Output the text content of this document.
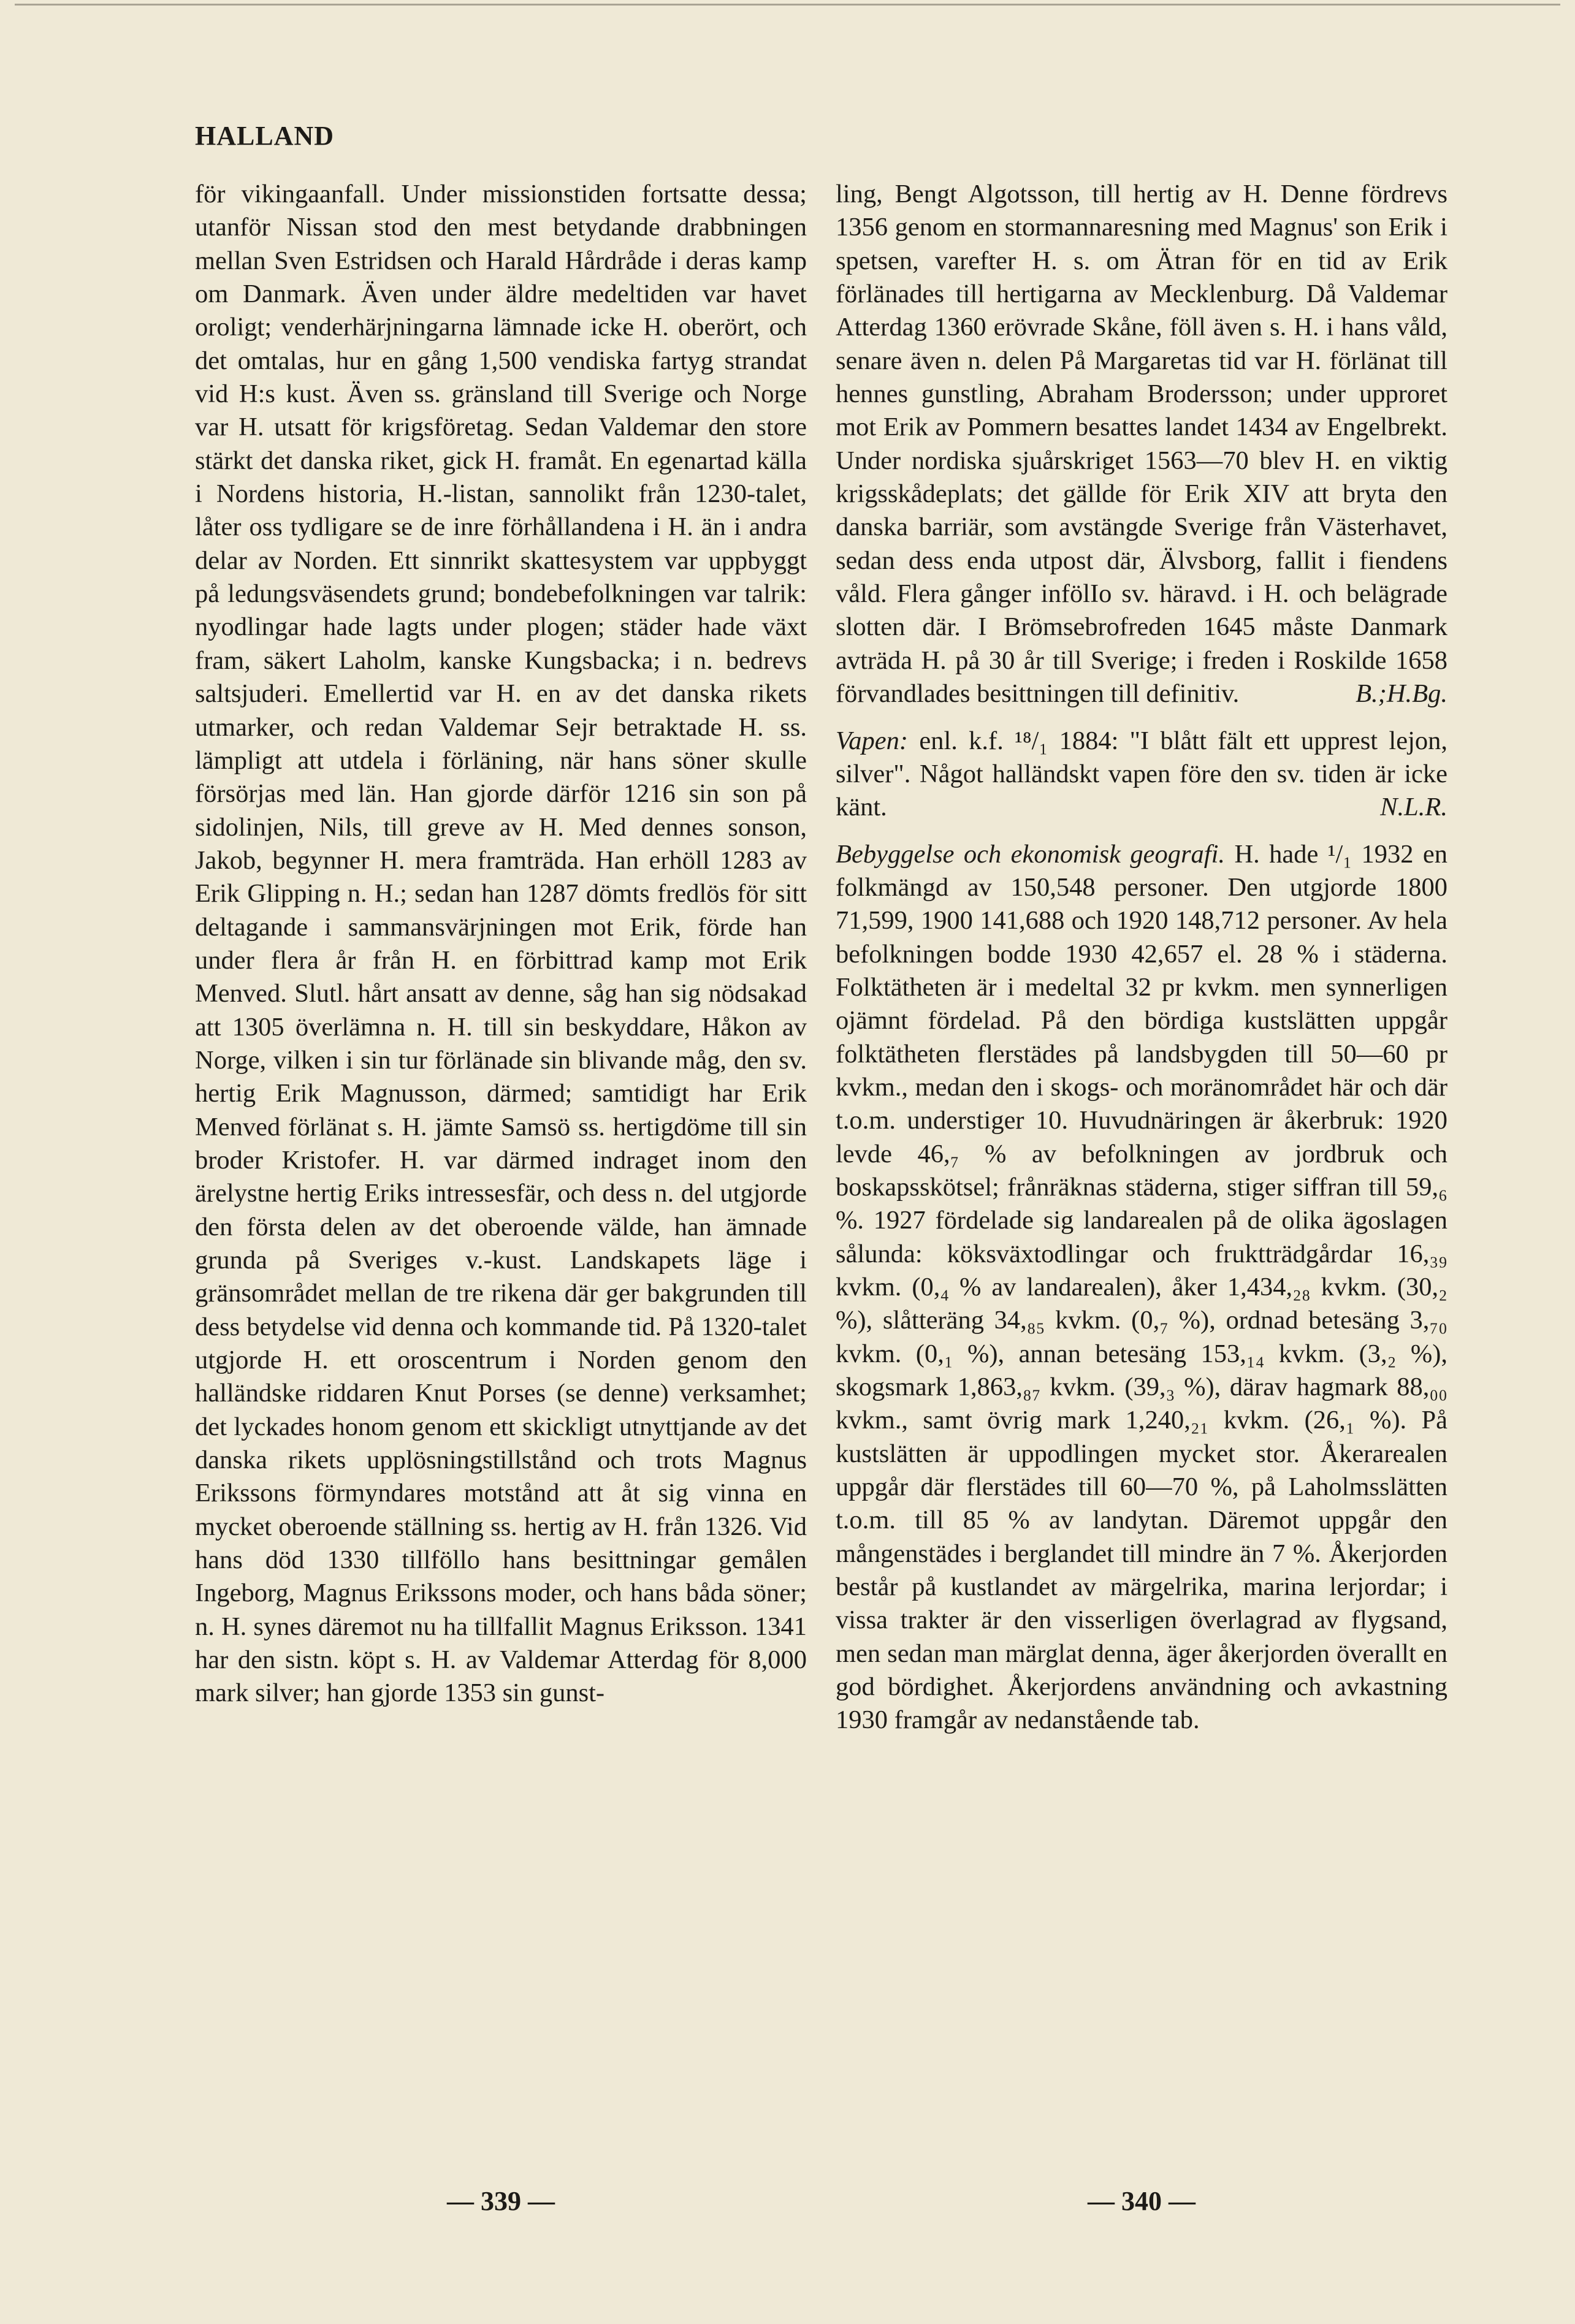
HALLAND

för vikingaanfall. Under missionstiden fortsatte dessa; utanför Nissan stod den mest betydande drabbningen mellan Sven Estridsen och Harald Hårdråde i deras kamp om Danmark. Även under äldre medeltiden var havet oroligt; venderhärjningarna lämnade icke H. oberört, och det omtalas, hur en gång 1,500 vendiska fartyg strandat vid H:s kust. Även ss. gränsland till Sverige och Norge var H. utsatt för krigsföretag. Sedan Valdemar den store stärkt det danska riket, gick H. framåt. En egenartad källa i Nordens historia, H.-listan, sannolikt från 1230-talet, låter oss tydligare se de inre förhållandena i H. än i andra delar av Norden. Ett sinnrikt skattesystem var uppbyggt på ledungsväsendets grund; bondebefolkningen var talrik: nyodlingar hade lagts under plogen; städer hade växt fram, säkert Laholm, kanske Kungsbacka; i n. bedrevs saltsjuderi. Emellertid var H. en av det danska rikets utmarker, och redan Valdemar Sejr betraktade H. ss. lämpligt att utdela i förläning, när hans söner skulle försörjas med län. Han gjorde därför 1216 sin son på sidolinjen, Nils, till greve av H. Med dennes sonson, Jakob, begynner H. mera framträda. Han erhöll 1283 av Erik Glipping n. H.; sedan han 1287 dömts fredlös för sitt deltagande i sammansvärjningen mot Erik, förde han under flera år från H. en förbittrad kamp mot Erik Menved. Slutl. hårt ansatt av denne, såg han sig nödsakad att 1305 överlämna n. H. till sin beskyddare, Håkon av Norge, vilken i sin tur förlänade sin blivande måg, den sv. hertig Erik Magnusson, därmed; samtidigt har Erik Menved förlänat s. H. jämte Samsö ss. hertigdöme till sin broder Kristofer. H. var därmed indraget inom den ärelystne hertig Eriks intressesfär, och dess n. del utgjorde den första delen av det oberoende välde, han ämnade grunda på Sveriges v.-kust. Landskapets läge i gränsområdet mellan de tre rikena där ger bakgrunden till dess betydelse vid denna och kommande tid. På 1320-talet utgjorde H. ett oroscentrum i Norden genom den halländske riddaren Knut Porses (se denne) verksamhet; det lyckades honom genom ett skickligt utnyttjande av det danska rikets upplösningstillstånd och trots Magnus Erikssons förmyndares motstånd att åt sig vinna en mycket oberoende ställning ss. hertig av H. från 1326. Vid hans död 1330 tillföllo hans besittningar gemålen Ingeborg, Magnus Erikssons moder, och hans båda söner; n. H. synes däremot nu ha tillfallit Magnus Eriksson. 1341 har den sistn. köpt s. H. av Valdemar Atterdag för 8,000 mark silver; han gjorde 1353 sin gunst-

ling, Bengt Algotsson, till hertig av H. Denne fördrevs 1356 genom en stormannaresning med Magnus' son Erik i spetsen, varefter H. s. om Ätran för en tid av Erik förlänades till hertigarna av Mecklenburg. Då Valdemar Atterdag 1360 erövrade Skåne, föll även s. H. i hans våld, senare även n. delen På Margaretas tid var H. förlänat till hennes gunstling, Abraham Brodersson; under upproret mot Erik av Pommern besattes landet 1434 av Engelbrekt. Under nordiska sjuårskriget 1563—70 blev H. en viktig krigsskådeplats; det gällde för Erik XIV att bryta den danska barriär, som avstängde Sverige från Västerhavet, sedan dess enda utpost där, Älvsborg, fallit i fiendens våld. Flera gånger infölIo sv. häravd. i H. och belägrade slotten där. I Brömsebrofreden 1645 måste Danmark avträda H. på 30 år till Sverige; i freden i Roskilde 1658 förvandlades besittningen till definitiv.	B.;H.Bg.

Vapen: enl. k.f. ¹⁸/₁ 1884: "I blått fält ett upprest lejon, silver". Något halländskt vapen före den sv. tiden är icke känt.	N.L.R.

Bebyggelse och ekonomisk geografi. H. hade ¹/₁ 1932 en folkmängd av 150,548 personer. Den utgjorde 1800 71,599, 1900 141,688 och 1920 148,712 personer. Av hela befolkningen bodde 1930 42,657 el. 28 % i städerna. Folktätheten är i medeltal 32 pr kvkm. men synnerligen ojämnt fördelad. På den bördiga kustslätten uppgår folktätheten flerstädes på landsbygden till 50—60 pr kvkm., medan den i skogs- och moränområdet här och där t.o.m. understiger 10. Huvudnäringen är åkerbruk: 1920 levde 46,₇ % av befolkningen av jordbruk och boskapsskötsel; frånräknas städerna, stiger siffran till 59,₆ %. 1927 fördelade sig landarealen på de olika ägoslagen sålunda: köksväxtodlingar och fruktträdgårdar 16,₃₉ kvkm. (0,₄ % av landarealen), åker 1,434,₂₈ kvkm. (30,₂ %), slåtteräng 34,₈₅ kvkm. (0,₇ %), ordnad betesäng 3,₇₀ kvkm. (0,₁ %), annan betesäng 153,₁₄ kvkm. (3,₂ %), skogsmark 1,863,₈₇ kvkm. (39,₃ %), därav hagmark 88,₀₀ kvkm., samt övrig mark 1,240,₂₁ kvkm. (26,₁ %). På kustslätten är uppodlingen mycket stor. Åkerarealen uppgår där flerstädes till 60—70 %, på Laholmsslätten t.o.m. till 85 % av landytan. Däremot uppgår den mångenstädes i berglandet till mindre än 7 %. Åkerjorden består på kustlandet av märgelrika, marina lerjordar; i vissa trakter är den visserligen överlagrad av flygsand, men sedan man märglat denna, äger åkerjorden överallt en god bördighet. Åkerjordens användning och avkastning 1930 framgår av nedanstående tab.

— 339 —	— 340 —
